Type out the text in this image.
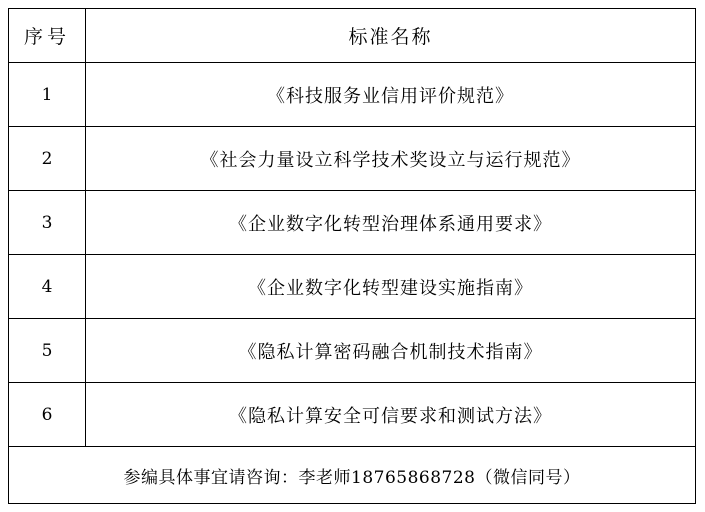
序号	标准名称
1	《科技服务业信用评价规范》
2	《社会力量设立科学技术奖设立与运行规范》
3	《企业数字化转型治理体系通用要求》
4	《企业数字化转型建设实施指南》
5	《隐私计算密码融合机制技术指南》
6	《隐私计算安全可信要求和测试方法》
参编具体事宜请咨询：李老师18765868728（微信同号）	
